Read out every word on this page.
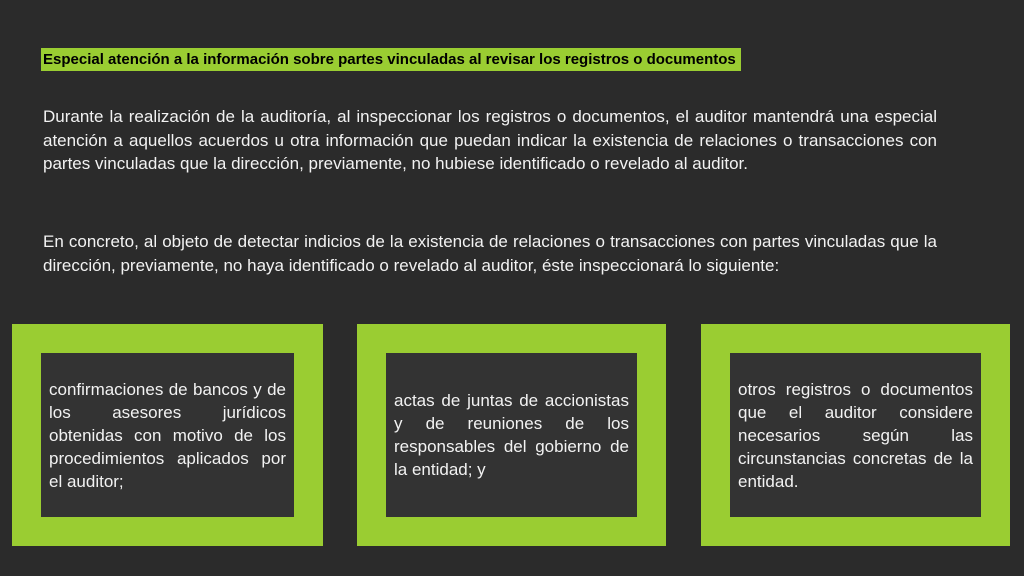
Especial atención a la información sobre partes vinculadas al revisar los registros o documentos

Durante la realización de la auditoría, al inspeccionar los registros o documentos, el auditor mantendrá una especial atención a aquellos acuerdos u otra información que puedan indicar la existencia de relaciones o transacciones con partes vinculadas que la dirección, previamente, no hubiese identificado o revelado al auditor.

En concreto, al objeto de detectar indicios de la existencia de relaciones o transacciones con partes vinculadas que la dirección, previamente, no haya identificado o revelado al auditor, éste inspeccionará lo siguiente:

confirmaciones de bancos y de los asesores jurídicos obtenidas con motivo de los procedimientos aplicados por el auditor;
actas de juntas de accionistas y de reuniones de los responsables del gobierno de la entidad; y
otros registros o documentos que el auditor considere necesarios según las circunstancias concretas de la entidad.
